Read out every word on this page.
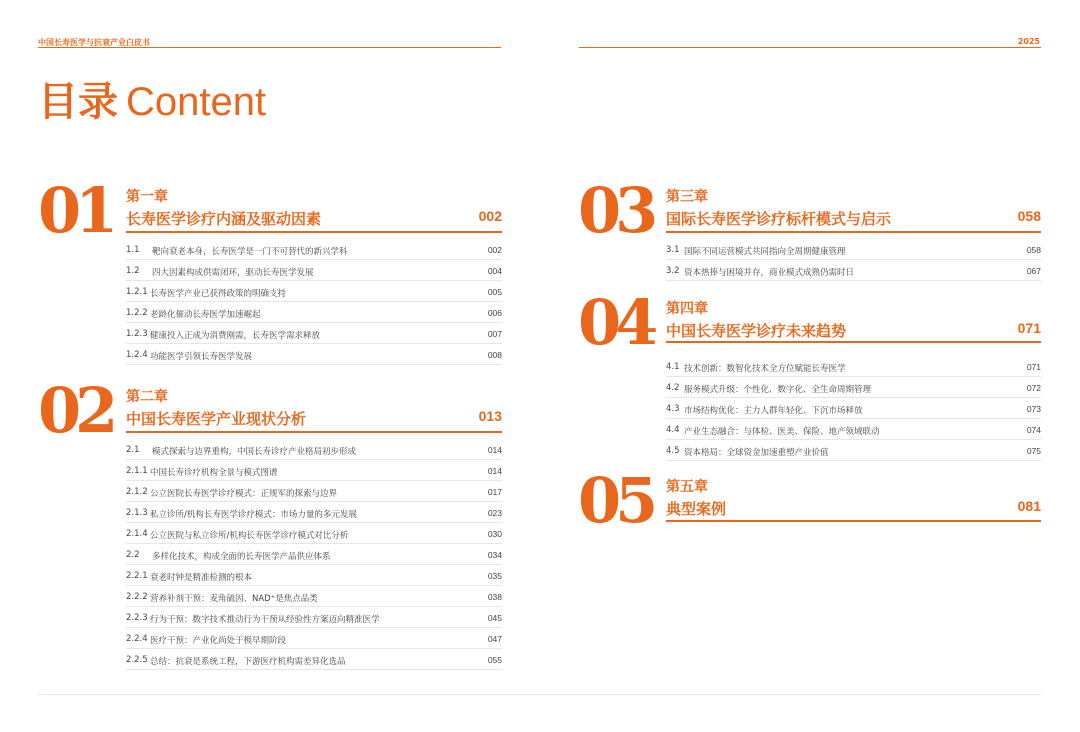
中国长寿医学与抗衰产业白皮书	2025
目录 Content
01 第一章
长寿医学诊疗内涵及驱动因素	002
1.1 靶向衰老本身，长寿医学是一门不可替代的新兴学科	002
1.2 四大因素构成供需闭环，驱动长寿医学发展	004
1.2.1 长寿医学产业已获得政策的明确支持	005
1.2.2 老龄化催动长寿医学加速崛起	006
1.2.3 健康投入正成为消费刚需，长寿医学需求释放	007
1.2.4 功能医学引领长寿医学发展	008
02 第二章
中国长寿医学产业现状分析	013
2.1 模式探索与边界重构，中国长寿诊疗产业格局初步形成	014
2.1.1 中国长寿诊疗机构全景与模式图谱	014
2.1.2 公立医院长寿医学诊疗模式：正规军的探索与边界	017
2.1.3 私立诊所/机构长寿医学诊疗模式：市场力量的多元发展	023
2.1.4 公立医院与私立诊所/机构长寿医学诊疗模式对比分析	030
2.2 多样化技术，构成全面的长寿医学产品供应体系	034
2.2.1 衰老时钟是精准检测的根本	035
2.2.2 营养补剂干预：麦角硫因、NAD⁺是焦点品类	038
2.2.3 行为干预：数字技术推动行为干预从经验性方案迈向精准医学	045
2.2.4 医疗干预：产业化尚处于极早期阶段	047
2.2.5 总结：抗衰是系统工程，下游医疗机构需差异化选品	055
03 第三章
国际长寿医学诊疗标杆模式与启示	058
3.1 国际不同运营模式共同指向全周期健康管理	058
3.2 资本热捧与困境并存，商业模式成熟仍需时日	067
04 第四章
中国长寿医学诊疗未来趋势	071
4.1 技术创新：数智化技术全方位赋能长寿医学	071
4.2 服务模式升级：个性化、数字化、全生命周期管理	072
4.3 市场结构优化：主力人群年轻化、下沉市场释放	073
4.4 产业生态融合：与体检、医美、保险、地产领域联动	074
4.5 资本格局：全球资金加速重塑产业价值	075
05 第五章
典型案例	081
